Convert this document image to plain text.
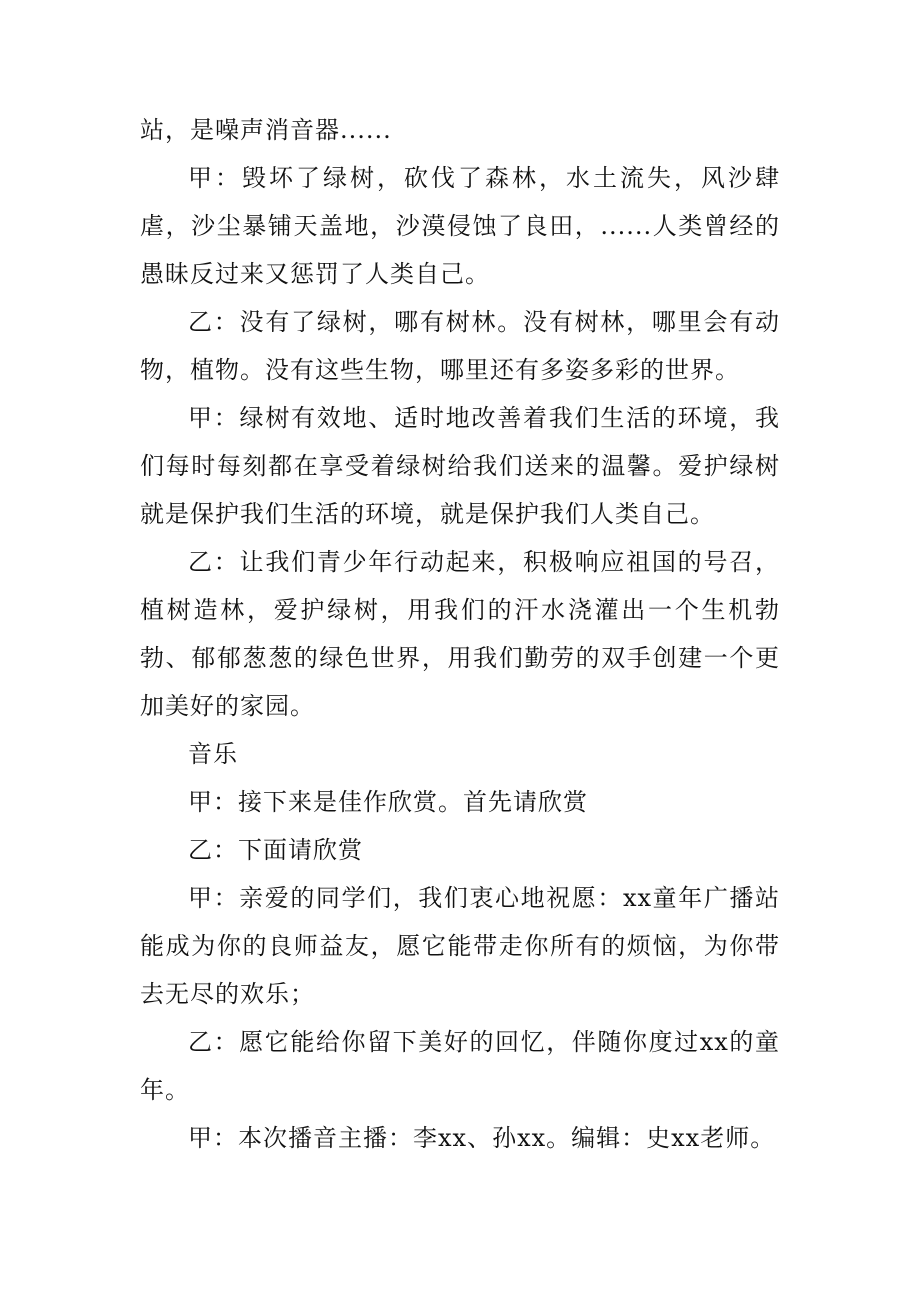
站，是噪声消音器......

甲：毁坏了绿树，砍伐了森林，水土流失，风沙肆虐，沙尘暴铺天盖地，沙漠侵蚀了良田，......人类曾经的愚昧反过来又惩罚了人类自己。

乙：没有了绿树，哪有树林。没有树林，哪里会有动物，植物。没有这些生物，哪里还有多姿多彩的世界。

甲：绿树有效地、适时地改善着我们生活的环境，我们每时每刻都在享受着绿树给我们送来的温馨。爱护绿树就是保护我们生活的环境，就是保护我们人类自己。

乙：让我们青少年行动起来，积极响应祖国的号召，植树造林，爱护绿树，用我们的汗水浇灌出一个生机勃勃、郁郁葱葱的绿色世界，用我们勤劳的双手创建一个更加美好的家园。

音乐

甲：接下来是佳作欣赏。首先请欣赏

乙：下面请欣赏

甲：亲爱的同学们，我们衷心地祝愿：xx童年广播站能成为你的良师益友，愿它能带走你所有的烦恼，为你带去无尽的欢乐；

乙：愿它能给你留下美好的回忆，伴随你度过xx的童年。

甲：本次播音主播：李xx、孙xx。编辑：史xx老师。
